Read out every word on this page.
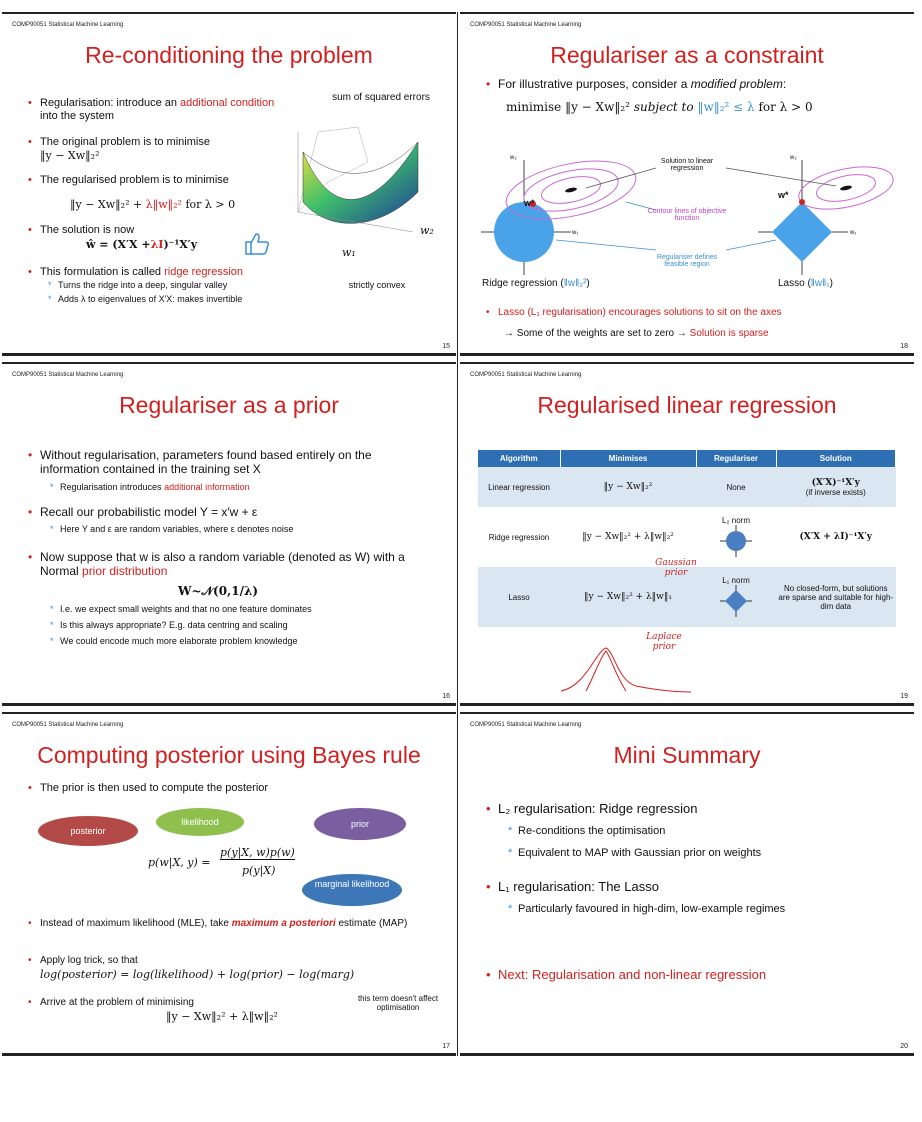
COMP90051 Statistical Machine Learning
Re-conditioning the problem
• Regularisation: introduce an additional condition into the system
• The original problem is to minimise
‖y − Xw‖₂²
• The regularised problem is to minimise
‖y − Xw‖₂² + λ‖w‖₂² for λ > 0
• The solution is now
ŵ = (X′X +λI)⁻¹X′y
• This formulation is called ridge regression
* Turns the ridge into a deep, singular valley
* Adds λ to eigenvalues of X′X: makes invertible
sum of squared errors
w₂
w₁
strictly convex
15
COMP90051 Statistical Machine Learning
Regulariser as a constraint
• For illustrative purposes, consider a modified problem:
minimise ‖y − Xw‖₂² subject to ‖w‖₂² ≤ λ for λ > 0
Solution to linear regression
Contour lines of objective function
Regulariser defines feasible region
w*
w*
w₂
w₁
w₂
w₁
Ridge regression (‖w‖₂²)	Lasso (‖w‖₁)
• Lasso (L₁ regularisation) encourages solutions to sit on the axes
→ Some of the weights are set to zero → Solution is sparse
18
COMP90051 Statistical Machine Learning
Regulariser as a prior
• Without regularisation, parameters found based entirely on the information contained in the training set X
* Regularisation introduces additional information
• Recall our probabilistic model Y = x′w + ε
* Here Y and ε are random variables, where ε denotes noise
• Now suppose that w is also a random variable (denoted as W) with a Normal prior distribution
W~𝒩(0,1/λ)
* I.e. we expect small weights and that no one feature dominates
* Is this always appropriate? E.g. data centring and scaling
* We could encode much more elaborate problem knowledge
16
COMP90051 Statistical Machine Learning
Regularised linear regression
Algorithm	Minimises	Regulariser	Solution
Linear regression	‖y − Xw‖₂²	None	(X′X)⁻¹X′y
(if inverse exists)
Ridge regression	‖y − Xw‖₂² + λ‖w‖₂²	L₂ norm	(X′X + λI)⁻¹X′y
Lasso	‖y − Xw‖₂² + λ‖w‖₁	L₁ norm	No closed-form, but solutions are sparse and suitable for high-dim data
Gaussian prior
Laplace prior
19
COMP90051 Statistical Machine Learning
Computing posterior using Bayes rule
• The prior is then used to compute the posterior
posterior
likelihood	prior
marginal likelihood
p(w|X, y) =
p(y|X, w)p(w)
p(y|X)
• Instead of maximum likelihood (MLE), take maximum a posteriori estimate (MAP)
• Apply log trick, so that
log(posterior) = log(likelihood) + log(prior) − log(marg)
• Arrive at the problem of minimising
‖y − Xw‖₂² + λ‖w‖₂²
this term doesn't affect optimisation
17
COMP90051 Statistical Machine Learning
Mini Summary
• L₂ regularisation: Ridge regression
* Re-conditions the optimisation
* Equivalent to MAP with Gaussian prior on weights
• L₁ regularisation: The Lasso
* Particularly favoured in high-dim, low-example regimes
• Next: Regularisation and non-linear regression
20
